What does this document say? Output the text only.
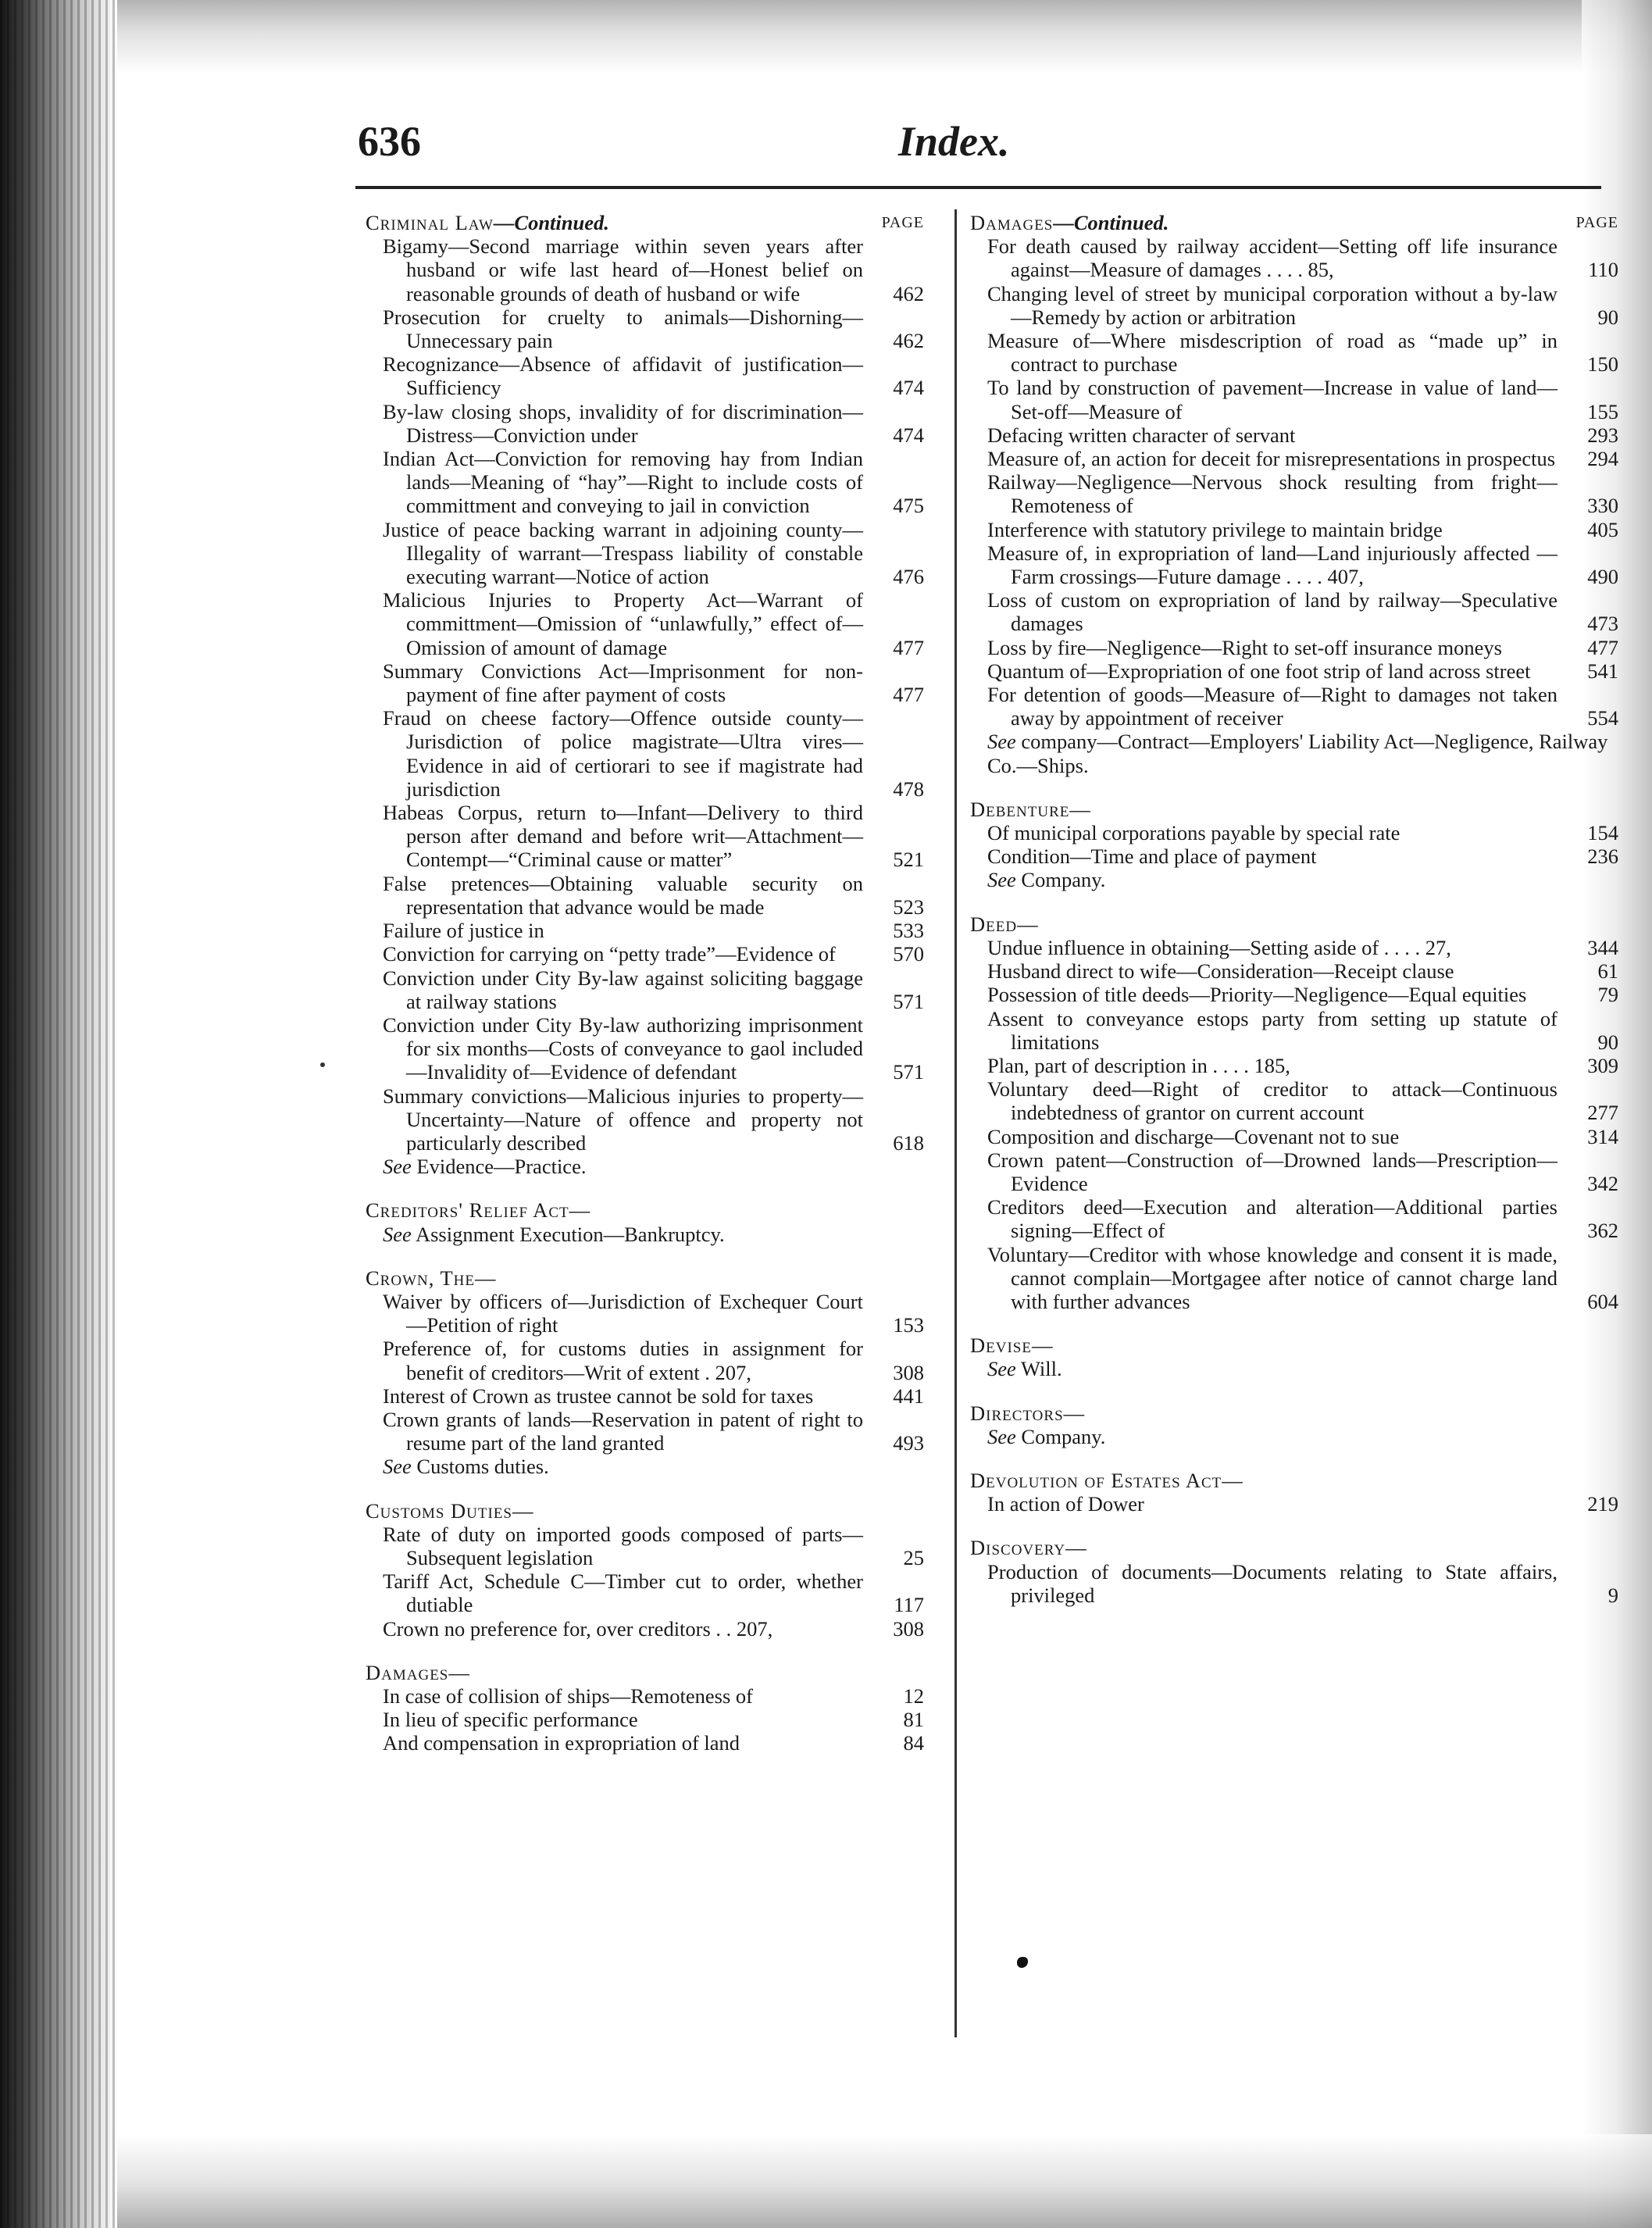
636	Index.
Criminal Law—Continued.	PAGE
Bigamy—Second marriage within seven years after husband or wife last heard of—Honest belief on reasonable grounds of death of husband or wife	462
Prosecution for cruelty to animals—Dishorning—Unnecessary pain	462
Recognizance—Absence of affidavit of justification—Sufficiency	474
By-law closing shops, invalidity of for discrimination—Distress—Conviction under	474
Indian Act—Conviction for removing hay from Indian lands—Meaning of “hay”—Right to include costs of committment and conveying to jail in conviction	475
Justice of peace backing warrant in adjoining county—Illegality of warrant—Trespass liability of constable executing warrant—Notice of action	476
Malicious Injuries to Property Act—Warrant of committment—Omission of “unlawfully,” effect of—Omission of amount of damage	477
Summary Convictions Act—Imprisonment for non-payment of fine after payment of costs	477
Fraud on cheese factory—Offence outside county—Jurisdiction of police magistrate—Ultra vires—Evidence in aid of certiorari to see if magistrate had jurisdiction	478
Habeas Corpus, return to—Infant—Delivery to third person after demand and before writ—Attachment—Contempt—“Criminal cause or matter”	521
False pretences—Obtaining valuable security on representation that advance would be made	523
Failure of justice in	533
Conviction for carrying on “petty trade”—Evidence of	570
Conviction under City By-law against soliciting baggage at railway stations	571
Conviction under City By-law authorizing imprisonment for six months—Costs of conveyance to gaol included—Invalidity of—Evidence of defendant	571
Summary convictions—Malicious injuries to property—Uncertainty—Nature of offence and property not particularly described	618
See Evidence—Practice.
Creditors' Relief Act—
See Assignment Execution—Bankruptcy.
Crown, The—
Waiver by officers of—Jurisdiction of Exchequer Court—Petition of right	153
Preference of, for customs duties in assignment for benefit of creditors—Writ of extent . 207,	308
Interest of Crown as trustee cannot be sold for taxes	441
Crown grants of lands—Reservation in patent of right to resume part of the land granted	493
See Customs duties.
Customs Duties—
Rate of duty on imported goods composed of parts—Subsequent legislation	25
Tariff Act, Schedule C—Timber cut to order, whether dutiable	117
Crown no preference for, over creditors . . 207,	308
Damages—
In case of collision of ships—Remoteness of	12
In lieu of specific performance	81
And compensation in expropriation of land	84
Damages—Continued.	PAGE
For death caused by railway accident—Setting off life insurance against—Measure of damages . . . . 85,	110
Changing level of street by municipal corporation without a by-law—Remedy by action or arbitration	90
Measure of—Where misdescription of road as “made up” in contract to purchase	150
To land by construction of pavement—Increase in value of land—Set-off—Measure of	155
Defacing written character of servant	293
Measure of, an action for deceit for misrepresentations in prospectus 294
Railway—Negligence—Nervous shock resulting from fright—Remoteness of	330
Interference with statutory privilege to maintain bridge	405
Measure of, in expropriation of land—Land injuriously affected — Farm crossings—Future damage . . . . 407,	490
Loss of custom on expropriation of land by railway—Speculative damages	473
Loss by fire—Negligence—Right to set-off insurance moneys	477
Quantum of—Expropriation of one foot strip of land across street	541
For detention of goods—Measure of—Right to damages not taken away by appointment of receiver	554
See company—Contract—Employers' Liability Act—Negligence, Railway Co.—Ships.
Debenture—
Of municipal corporations payable by special rate	154
Condition—Time and place of payment	236
See Company.
Deed—
Undue influence in obtaining—Setting aside of . . . . 27,	344
Husband direct to wife—Consideration—Receipt clause	61
Possession of title deeds—Priority—Negligence—Equal equities	79
Assent to conveyance estops party from setting up statute of limitations	90
Plan, part of description in . . . . 185,	309
Voluntary deed—Right of creditor to attack—Continuous indebtedness of grantor on current account	277
Composition and discharge—Covenant not to sue	314
Crown patent—Construction of—Drowned lands—Prescription—Evidence	342
Creditors deed—Execution and alteration—Additional parties signing—Effect of	362
Voluntary—Creditor with whose knowledge and consent it is made, cannot complain—Mortgagee after notice of cannot charge land with further advances	604
Devise—
See Will.
Directors—
See Company.
Devolution of Estates Act—
In action of Dower	219
Discovery—
Production of documents—Documents relating to State affairs, privileged	9
